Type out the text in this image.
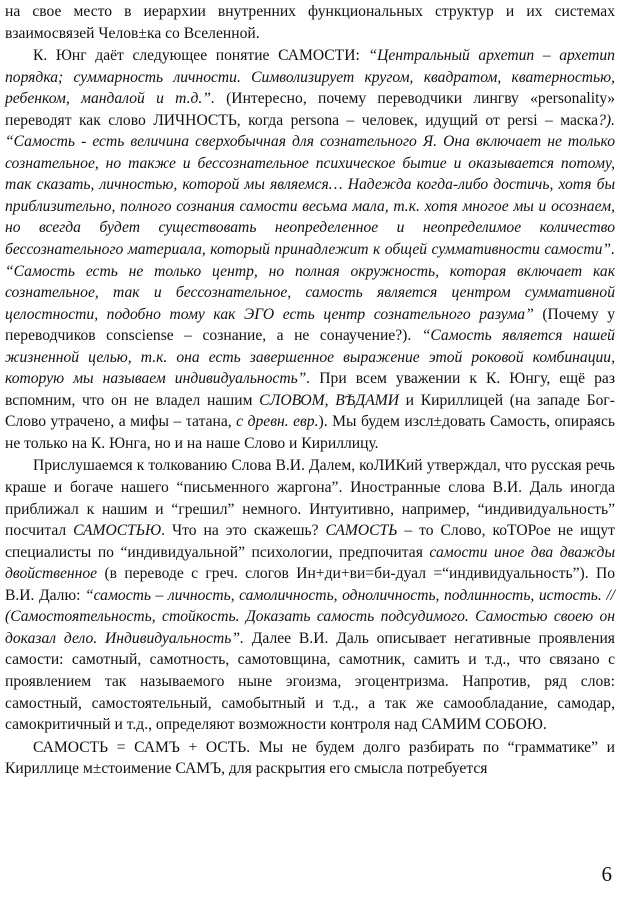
на свое место в иерархии внутренних функциональных структур и их системах взаимосвязей Челов±ка со Вселенной.

К. Юнг даёт следующее понятие САМОСТИ: “Центральный архетип – архетип порядка; суммарность личности. Символизирует кругом, квадратом, кватерностью, ребенком, мандалой и т.д.”. (Интересно, почему переводчики лингву «personality» переводят как слово ЛИЧНОСТЬ, когда persona – человек, идущий от persi – маска?). “Самость - есть величина сверхобычная для сознательного Я. Она включает не только сознательное, но также и бессознательное психическое бытие и оказывается потому, так сказать, личностью, которой мы являемся… Надежда когда-либо достичь, хотя бы приблизительно, полного сознания самости весьма мала, т.к. хотя многое мы и осознаем, но всегда будет существовать неопределенное и неопределимое количество бессознательного материала, который принадлежит к общей суммативности самости”. “Самость есть не только центр, но полная окружность, которая включает как сознательное, так и бессознательное, самость является центром суммативной целостности, подобно тому как ЭГО есть центр сознательного разума” (Почему у переводчиков consciense – сознание, а не сонаучение?). “Самость является нашей жизненной целью, т.к. она есть завершенное выражение этой роковой комбинации, которую мы называем индивидуальность”. При всем уважении к К. Юнгу, ещё раз вспомним, что он не владел нашим СЛОВОМ, ВѢДАМИ и Кириллицей (на западе Бог-Слово утрачено, а мифы – τатана, с древн. евр.). Мы будем изсл±довать Самость, опираясь не только на К. Юнга, но и на наше Слово и Кириллицу.

Прислушаемся к толкованию Слова В.И. Далем, коЛИКий утверждал, что русская речь краше и богаче нашего “письменного жаргона”. Иностранные слова В.И. Даль иногда приближал к нашим и “грешил” немного. Интуитивно, например, “индивидуальность” посчитал САМОСТЬЮ. Что на это скажешь? САМОСТЬ – то Слово, коТОРое не ищут специалисты по “индивидуальной” психологии, предпочитая самости иное два дважды двойственное (в переводе с греч. слогов Ин+ди+ви=би-дуал =“индивидуальность”). По В.И. Далю: “самость – личность, самоличность, одноличность, подлинность, истость. // (Самостоятельность, стойкость. Доказать самость подсудимого. Самостью своею он доказал дело. Индивидуальность”. Далее В.И. Даль описывает негативные проявления самости: самотный, самотность, самотовщина, самотник, самить и т.д., что связано с проявлением так называемого ныне эгоизма, эгоцентризма. Напротив, ряд слов: самостный, самостоятельный, самобытный и т.д., а так же самообладание, самодар, самокритичный и т.д., определяют возможности контроля над САМИМ СОБОЮ.

САМОСТЬ = САМЪ + ОСТЬ. Мы не будем долго разбирать по “грамматике” и Кириллице м±стоимение САМЪ, для раскрытия его смысла потребуется

6
